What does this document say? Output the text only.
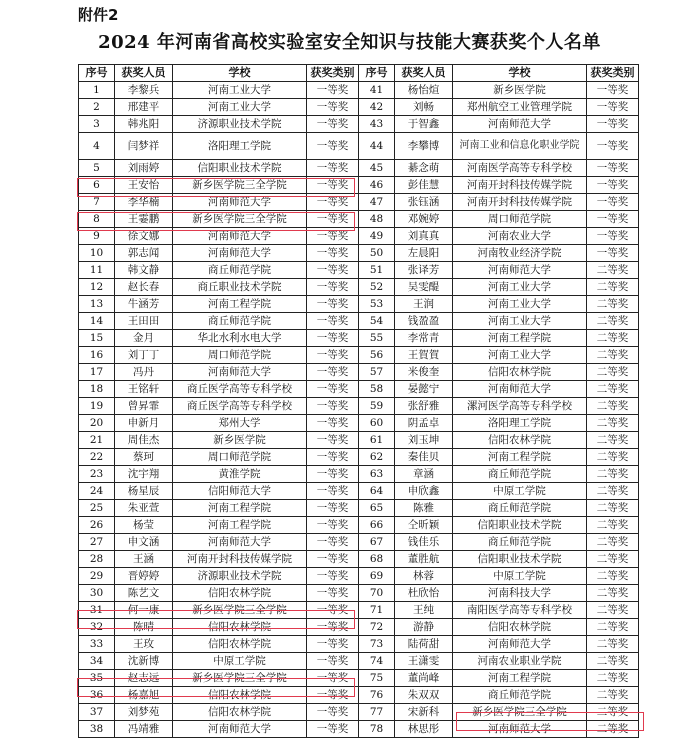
附件2
2024 年河南省高校实验室安全知识与技能大赛获奖个人名单
序号	获奖人员	学校	获奖类别	序号	获奖人员	学校	获奖类别
1	李黎兵	河南工业大学	一等奖	41	杨怡煊	新乡医学院	一等奖
2	邢建平	河南工业大学	一等奖	42	刘畅	郑州航空工业管理学院	一等奖
3	韩兆阳	济源职业技术学院	一等奖	43	于智鑫	河南师范大学	一等奖
4	闫梦祥	洛阳理工学院	一等奖	44	李攀博	河南工业和信息化职业学院	一等奖
5	刘雨婷	信阳职业技术学院	一等奖	45	綦念萌	河南医学高等专科学校	一等奖
6	王安怡	新乡医学院三全学院	一等奖	46	彭佳慧	河南开封科技传媒学院	一等奖
7	李华楠	河南师范大学	一等奖	47	张钰涵	河南开封科技传媒学院	一等奖
8	王霎鹏	新乡医学院三全学院	一等奖	48	邓婉婷	周口师范学院	一等奖
9	徐文娜	河南师范大学	一等奖	49	刘真真	河南农业大学	一等奖
10	郭志闻	河南师范大学	一等奖	50	左晨阳	河南牧业经济学院	一等奖
11	韩文静	商丘师范学院	一等奖	51	张译芳	河南师范大学	二等奖
12	赵长春	商丘职业技术学院	一等奖	52	吴雯醍	河南工业大学	二等奖
13	牛涵芳	河南工程学院	一等奖	53	王润	河南工业大学	二等奖
14	王田田	商丘师范学院	一等奖	54	钱盈盈	河南工业大学	二等奖
15	金月	华北水利水电大学	一等奖	55	李常青	河南工程学院	二等奖
16	刘丁丁	周口师范学院	一等奖	56	王賀賀	河南工业大学	二等奖
17	冯丹	河南师范大学	一等奖	57	米俊奎	信阳农林学院	二等奖
18	王铭轩	商丘医学高等专科学校	一等奖	58	晏懿宁	河南师范大学	二等奖
19	曾昇霏	商丘医学高等专科学校	一等奖	59	张舒雅	漯河医学高等专科学校	二等奖
20	申新月	郑州大学	一等奖	60	阴孟卓	洛阳理工学院	二等奖
21	周佳杰	新乡医学院	一等奖	61	刘玉坤	信阳农林学院	二等奖
22	蔡珂	周口师范学院	一等奖	62	秦佳贝	河南工程学院	二等奖
23	沈宇翔	黄淮学院	一等奖	63	章涵	商丘师范学院	二等奖
24	杨星辰	信阳师范大学	一等奖	64	申欣鑫	中原工学院	二等奖
25	朱亚萱	河南工程学院	一等奖	65	陈雅	商丘师范学院	二等奖
26	杨莹	河南工程学院	一等奖	66	仝昕颖	信阳职业技术学院	二等奖
27	申文涵	河南师范大学	一等奖	67	钱佳乐	商丘师范学院	二等奖
28	王涵	河南开封科技传媒学院	一等奖	68	董胜航	信阳职业技术学院	二等奖
29	晋婷婷	济源职业技术学院	一等奖	69	林蓉	中原工学院	二等奖
30	陈艺文	信阳农林学院	一等奖	70	杜欣怡	河南科技大学	二等奖
31	何一康	新乡医学院三全学院	一等奖	71	王纯	南阳医学高等专科学校	二等奖
32	陈晴	信阳农林学院	一等奖	72	游静	信阳农林学院	二等奖
33	王玫	信阳农林学院	一等奖	73	陆荷甜	河南师范大学	二等奖
34	沈新博	中原工学院	一等奖	74	王潇雯	河南农业职业学院	二等奖
35	赵志远	新乡医学院三全学院	一等奖	75	董尚峰	河南工程学院	二等奖
36	杨嘉旭	信阳农林学院	一等奖	76	朱双双	商丘师范学院	二等奖
37	刘梦苑	信阳农林学院	一等奖	77	宋新科	新乡医学院三全学院	二等奖
38	冯靖雅	河南师范大学	一等奖	78	林思彤	河南师范大学	二等奖
